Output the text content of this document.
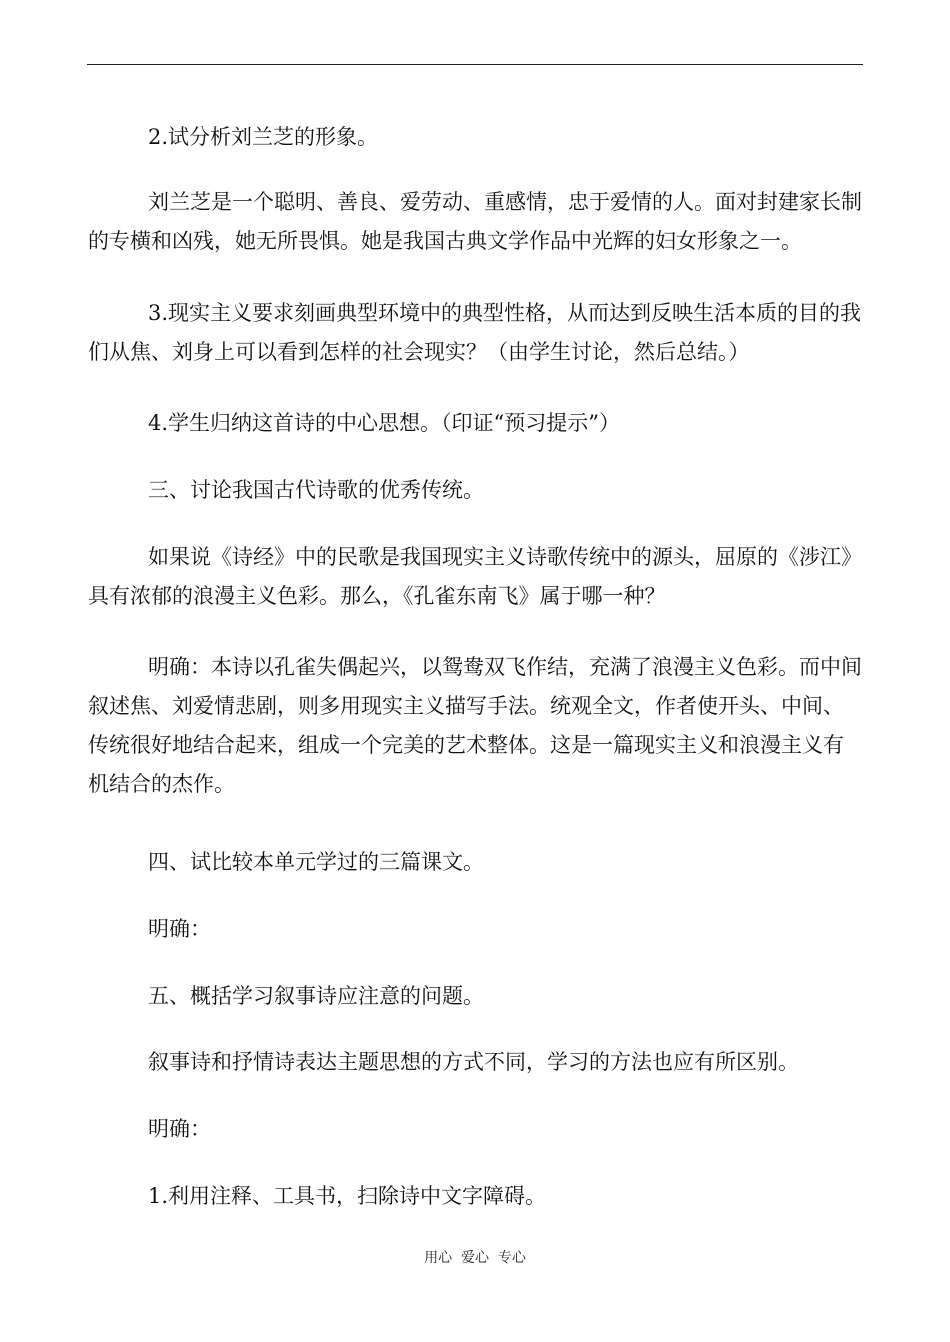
2.试分析刘兰芝的形象。

刘兰芝是一个聪明、善良、爱劳动、重感情，忠于爱情的人。面对封建家长制的专横和凶残，她无所畏惧。她是我国古典文学作品中光辉的妇女形象之一。

3.现实主义要求刻画典型环境中的典型性格，从而达到反映生活本质的目的我们从焦、刘身上可以看到怎样的社会现实？（由学生讨论，然后总结。）

4.学生归纳这首诗的中心思想。（印证“预习提示”）

三、讨论我国古代诗歌的优秀传统。

如果说《诗经》中的民歌是我国现实主义诗歌传统中的源头，屈原的《涉江》具有浓郁的浪漫主义色彩。那么，《孔雀东南飞》属于哪一种？

明确：本诗以孔雀失偶起兴，以鸳鸯双飞作结，充满了浪漫主义色彩。而中间叙述焦、刘爱情悲剧，则多用现实主义描写手法。统观全文，作者使开头、中间、传统很好地结合起来，组成一个完美的艺术整体。这是一篇现实主义和浪漫主义有机结合的杰作。

四、试比较本单元学过的三篇课文。

明确：

五、概括学习叙事诗应注意的问题。

叙事诗和抒情诗表达主题思想的方式不同，学习的方法也应有所区别。

明确：

1.利用注释、工具书，扫除诗中文字障碍。

用心  爱心  专心
